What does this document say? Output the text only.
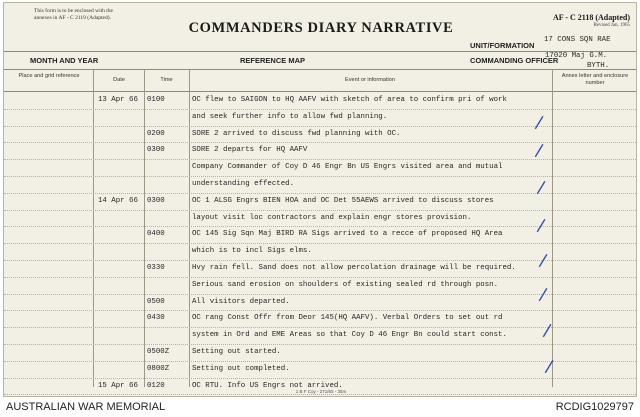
This form is to be enclosed with the
annexes in AF - C 2119 (Adapted).
COMMANDERS DIARY NARRATIVE
AF - C 2118 (Adapted)
Revised Jan, 1965
UNIT/FORMATION
17 CONS SQN RAE
MONTH AND YEAR	REFERENCE MAP	COMMANDING OFFICER
17020 Maj G.M.
BYTH.
Place and grid reference
Date	Time	Event or information
Annex letter and enclosure number
13 Apr 66 0100	OC flew to SAIGON to HQ AAFV with sketch of area to confirm pri of work
and seek further info to allow fwd planning.
0200	SORE 2 arrived to discuss fwd planning with OC.
0300	SORE 2 departs for HQ AAFV
Company Commander of Coy D 46 Engr Bn US Engrs visited area and mutual
understanding effected.
14 Apr 66 0300	OC 1 ALSG Engrs BIEN HOA and OC Det 55AEWS arrived to discuss stores
layout visit loc contractors and explain engr stores provision.
0400	OC 145 Sig Sqn Maj BIRD RA Sigs arrived to a recce of proposed HQ Area
which is to incl Sigs elms.
0330	Hvy rain fell. Sand does not allow percolation drainage will be required.
Serious sand erosion on shoulders of existing sealed rd through posn.
0500	All visitors departed.
0430	OC rang Const Offr from Deor 145(HQ AAFV). Verbal Orders to set out rd
system in Ord and EME Areas so that Coy D 46 Engr Bn could start const.
0500Z	Setting out started.
0800Z	Setting out completed.
15 Apr 66 0120	OC RTU. Info US Engrs not arrived.
/
/
/
/
/
/
/
/
1 B F Coy - 271/65 - 35m
AUSTRALIAN WAR MEMORIAL	RCDIG1029797
